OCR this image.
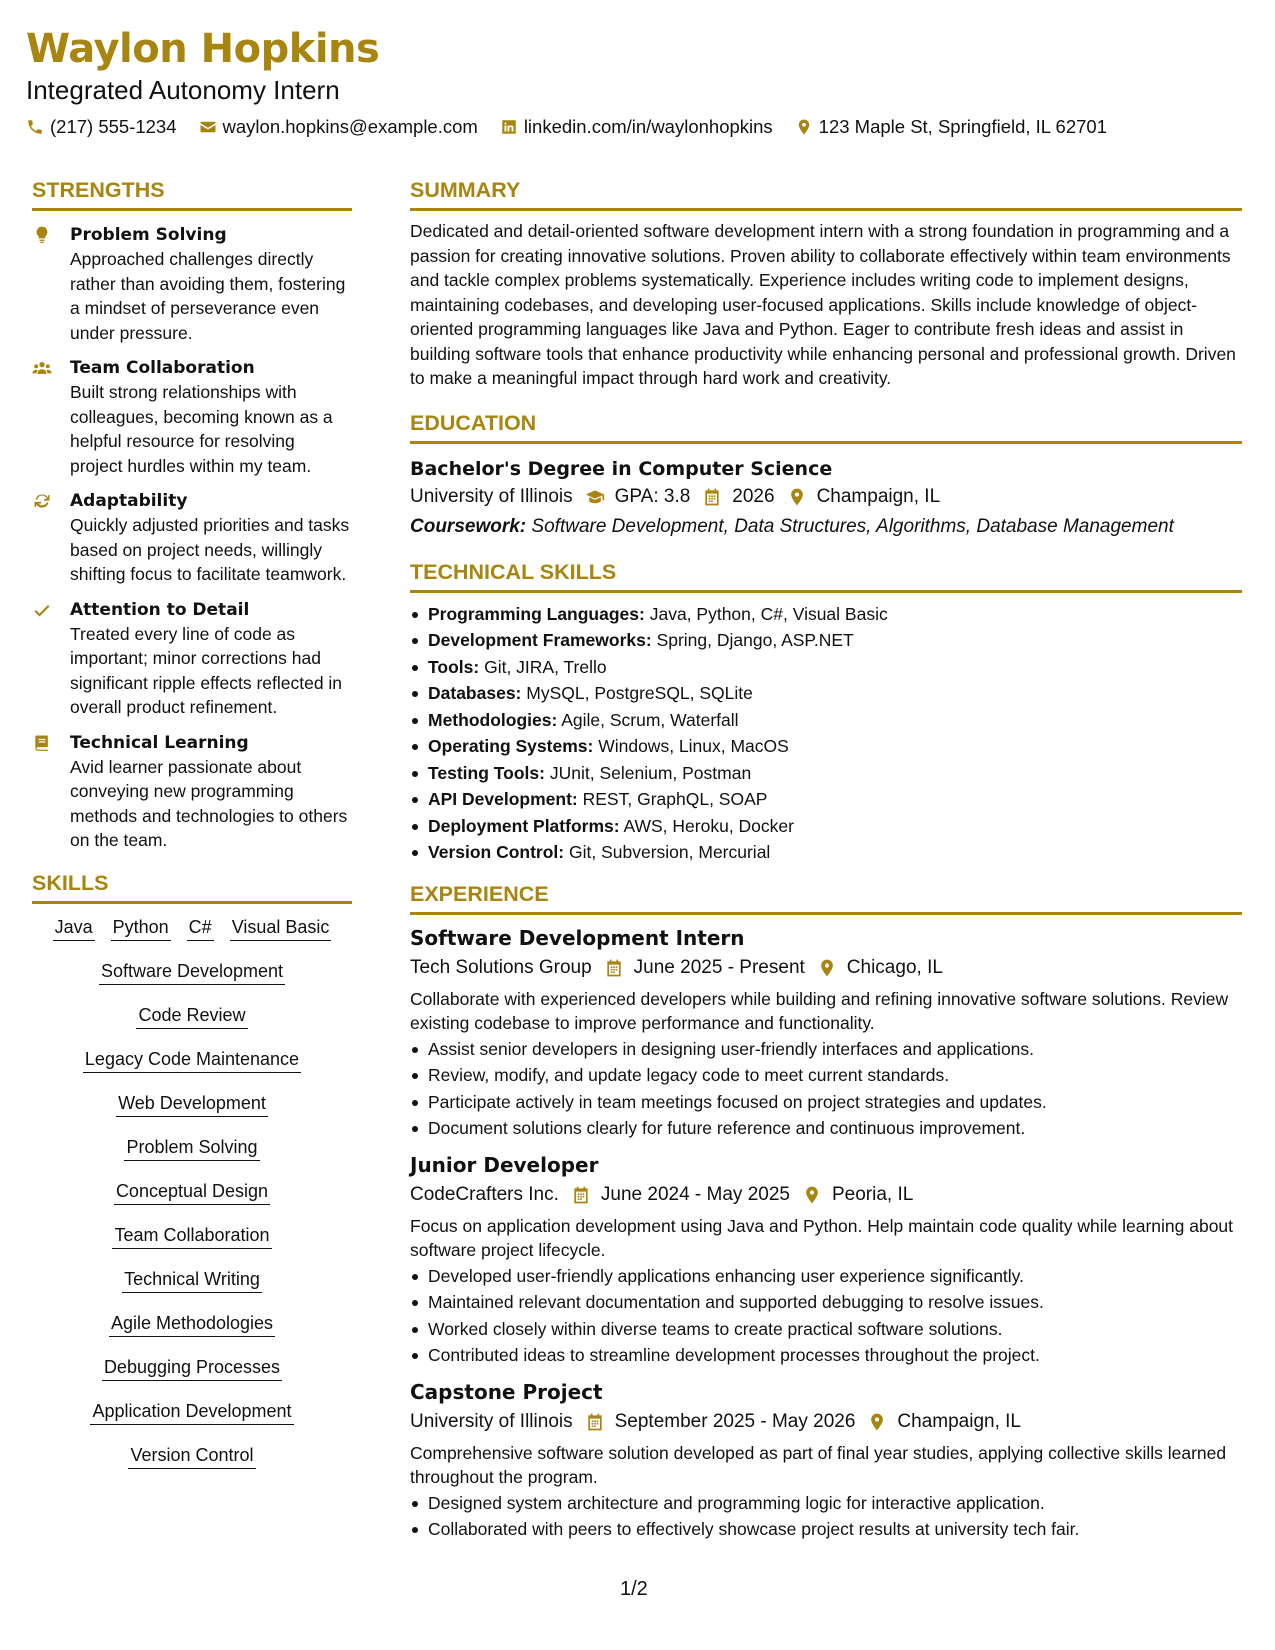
Waylon Hopkins
Integrated Autonomy Intern
(217) 555-1234 waylon.hopkins@example.com linkedin.com/in/waylonhopkins 123 Maple St, Springfield, IL 62701
STRENGTHS
Problem Solving
Approached challenges directly rather than avoiding them, fostering a mindset of perseverance even under pressure.
Team Collaboration
Built strong relationships with colleagues, becoming known as a helpful resource for resolving project hurdles within my team.
Adaptability
Quickly adjusted priorities and tasks based on project needs, willingly shifting focus to facilitate teamwork.
Attention to Detail
Treated every line of code as important; minor corrections had significant ripple effects reflected in overall product refinement.
Technical Learning
Avid learner passionate about conveying new programming methods and technologies to others on the team.
SKILLS
Java Python C# Visual Basic
Software Development
Code Review
Legacy Code Maintenance
Web Development
Problem Solving
Conceptual Design
Team Collaboration
Technical Writing
Agile Methodologies
Debugging Processes
Application Development
Version Control
SUMMARY
Dedicated and detail-oriented software development intern with a strong foundation in programming and a passion for creating innovative solutions. Proven ability to collaborate effectively within team environments and tackle complex problems systematically. Experience includes writing code to implement designs, maintaining codebases, and developing user-focused applications. Skills include knowledge of object-oriented programming languages like Java and Python. Eager to contribute fresh ideas and assist in building software tools that enhance productivity while enhancing personal and professional growth. Driven to make a meaningful impact through hard work and creativity.
EDUCATION
Bachelor's Degree in Computer Science
University of Illinois GPA: 3.8 2026 Champaign, IL
Coursework: Software Development, Data Structures, Algorithms, Database Management
TECHNICAL SKILLS
Programming Languages: Java, Python, C#, Visual Basic
Development Frameworks: Spring, Django, ASP.NET
Tools: Git, JIRA, Trello
Databases: MySQL, PostgreSQL, SQLite
Methodologies: Agile, Scrum, Waterfall
Operating Systems: Windows, Linux, MacOS
Testing Tools: JUnit, Selenium, Postman
API Development: REST, GraphQL, SOAP
Deployment Platforms: AWS, Heroku, Docker
Version Control: Git, Subversion, Mercurial
EXPERIENCE
Software Development Intern
Tech Solutions Group June 2025 - Present Chicago, IL
Collaborate with experienced developers while building and refining innovative software solutions. Review existing codebase to improve performance and functionality.
Assist senior developers in designing user-friendly interfaces and applications.
Review, modify, and update legacy code to meet current standards.
Participate actively in team meetings focused on project strategies and updates.
Document solutions clearly for future reference and continuous improvement.
Junior Developer
CodeCrafters Inc. June 2024 - May 2025 Peoria, IL
Focus on application development using Java and Python. Help maintain code quality while learning about software project lifecycle.
Developed user-friendly applications enhancing user experience significantly.
Maintained relevant documentation and supported debugging to resolve issues.
Worked closely within diverse teams to create practical software solutions.
Contributed ideas to streamline development processes throughout the project.
Capstone Project
University of Illinois September 2025 - May 2026 Champaign, IL
Comprehensive software solution developed as part of final year studies, applying collective skills learned throughout the program.
Designed system architecture and programming logic for interactive application.
Collaborated with peers to effectively showcase project results at university tech fair.
1/2
